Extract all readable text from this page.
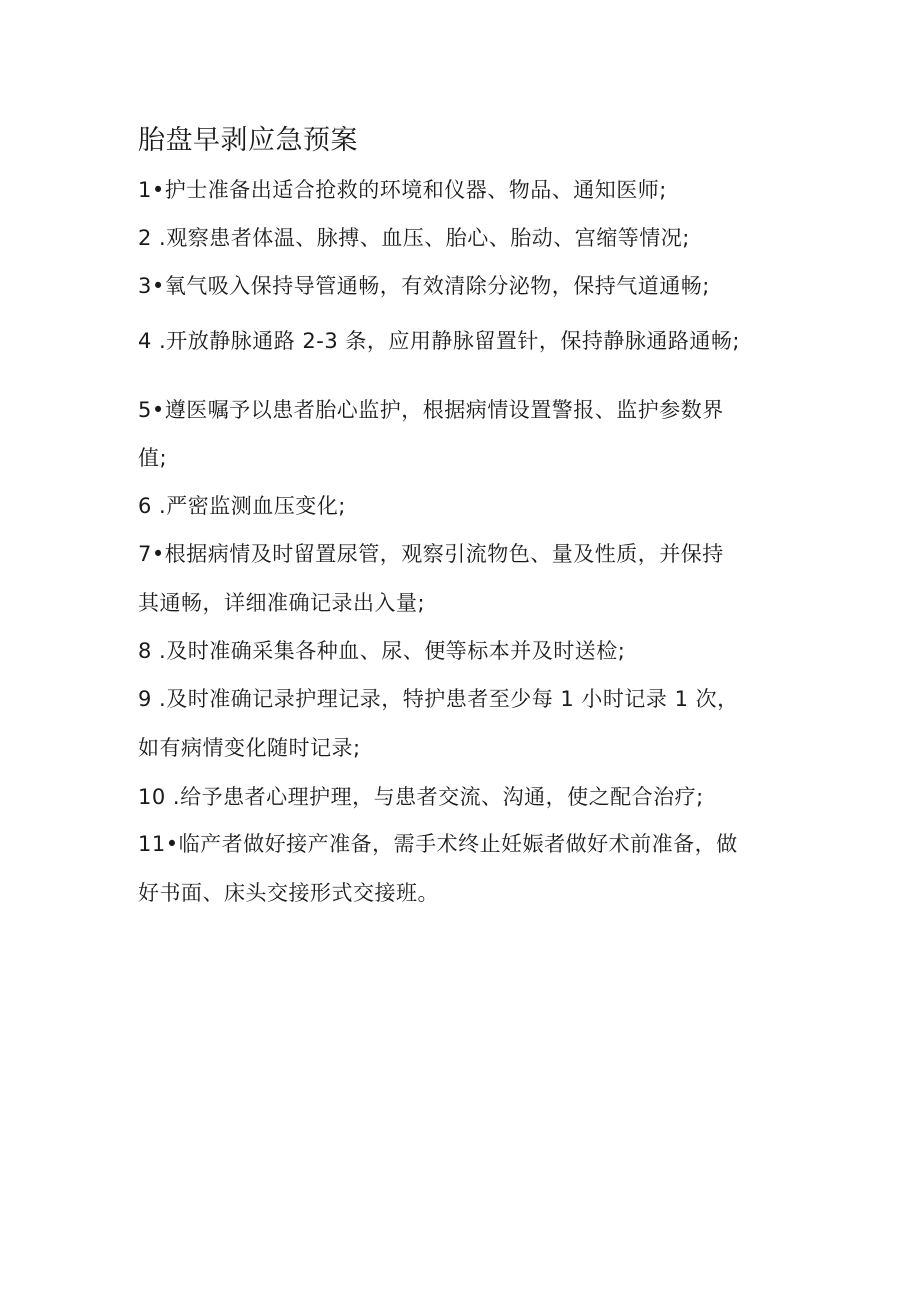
胎盘早剥应急预案
1•护士准备出适合抢救的环境和仪器、物品、通知医师;
2 .观察患者体温、脉搏、血压、胎心、胎动、宫缩等情况;
3•氧气吸入保持导管通畅，有效清除分泌物，保持气道通畅;
4 .开放静脉通路 2-3 条，应用静脉留置针，保持静脉通路通畅;
5•遵医嘱予以患者胎心监护，根据病情设置警报、监护参数界
值;
6 .严密监测血压变化;
7•根据病情及时留置尿管，观察引流物色、量及性质，并保持
其通畅，详细准确记录出入量;
8 .及时准确采集各种血、尿、便等标本并及时送检;
9 .及时准确记录护理记录，特护患者至少每 1 小时记录 1 次，
如有病情变化随时记录;
10 .给予患者心理护理，与患者交流、沟通，使之配合治疗;
11•临产者做好接产准备，需手术终止妊娠者做好术前准备，做
好书面、床头交接形式交接班。
